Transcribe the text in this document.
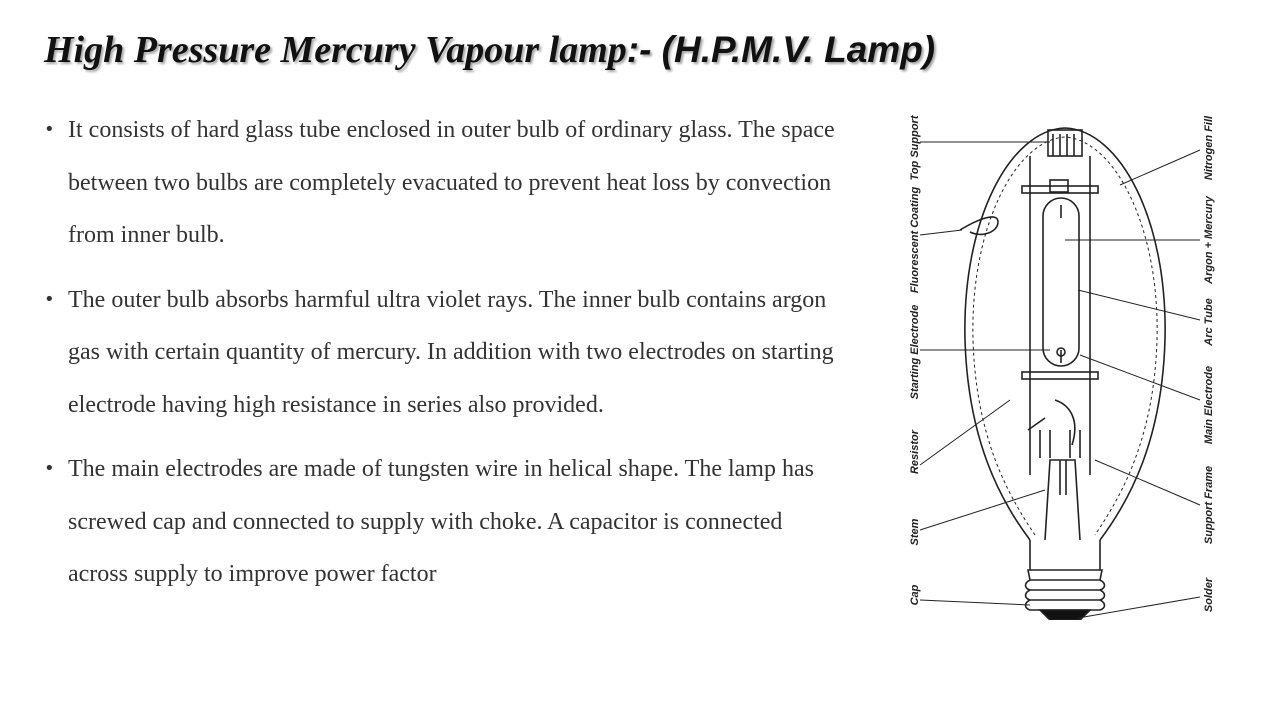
High Pressure Mercury Vapour lamp:- (H.P.M.V. Lamp)
• It consists of hard glass tube enclosed in outer bulb of ordinary glass. The space between two bulbs are completely evacuated to prevent heat loss by convection from inner bulb.
• The outer bulb absorbs harmful ultra violet rays. The inner bulb contains argon gas with certain quantity of mercury. In addition with two electrodes on starting electrode having high resistance in series also provided.
• The main electrodes are made of tungsten wire in helical shape. The lamp has screwed cap and connected to supply with choke. A capacitor is connected across supply to improve power factor
Top Support
Fluorescent Coating
Starting Electrode
Resistor
Stem
Cap
Nitrogen Fill
Argon + Mercury
Arc Tube
Main Electrode
Support Frame
Solder
